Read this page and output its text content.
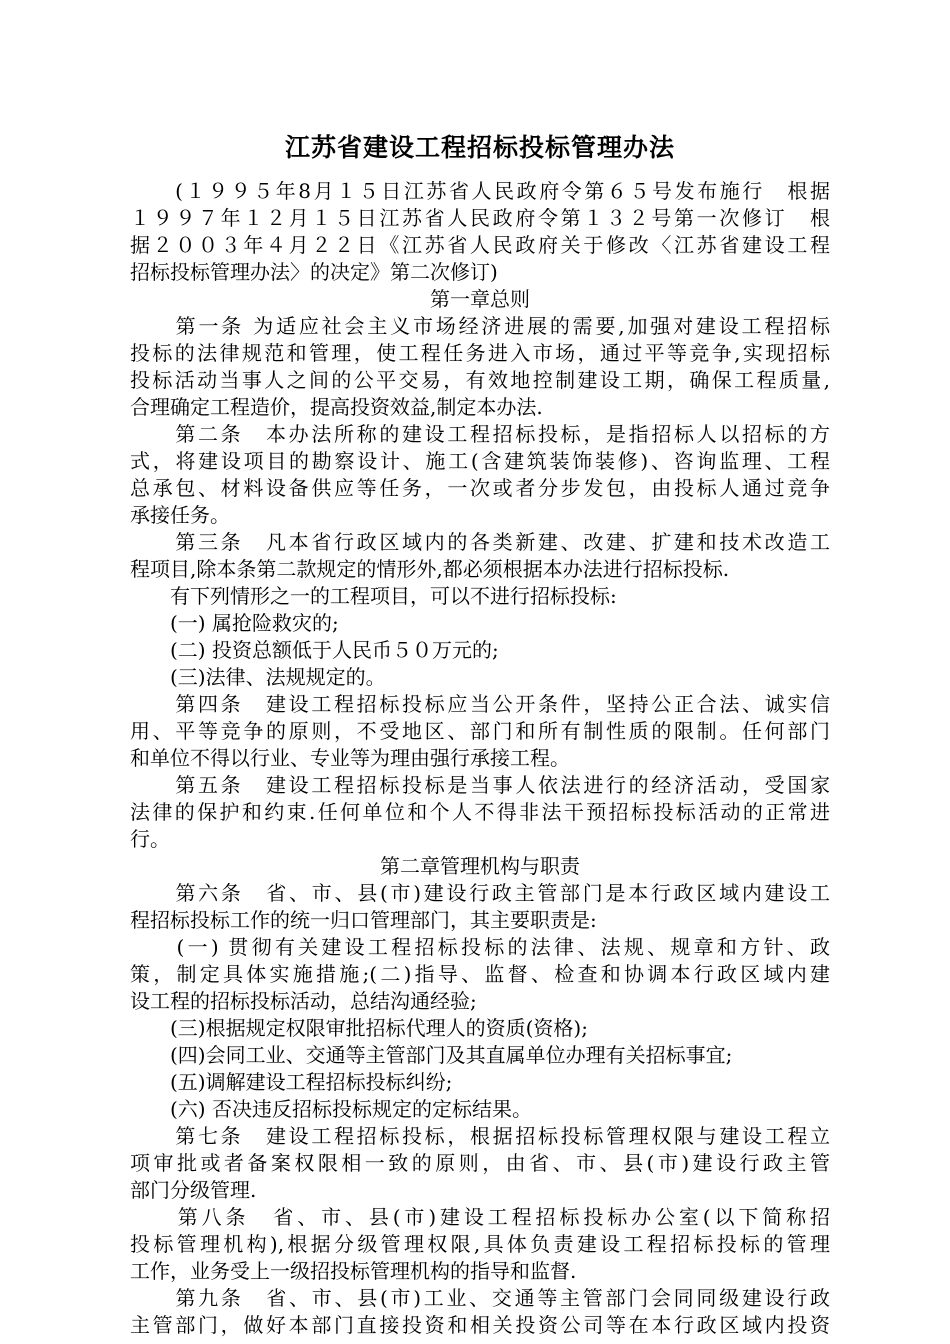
江苏省建设工程招标投标管理办法
　　(１９９５年8月１５日江苏省人民政府令第６５号发布施行　根据
１９９７年１２月１５日江苏省人民政府令第１３２号第一次修订　根
据２００３年４月２２日《江苏省人民政府关于修改〈江苏省建设工程
招标投标管理办法〉的决定》第二次修订)
第一章总则
　　第一条 为适应社会主义市场经济进展的需要,加强对建设工程招标
投标的法律规范和管理，使工程任务进入市场，通过平等竞争,实现招标
投标活动当事人之间的公平交易，有效地控制建设工期，确保工程质量,
合理确定工程造价，提高投资效益,制定本办法.
　　第二条　本办法所称的建设工程招标投标，是指招标人以招标的方
式，将建设项目的勘察设计、施工(含建筑装饰装修)、咨询监理、工程
总承包、材料设备供应等任务，一次或者分步发包，由投标人通过竞争
承接任务。
　　第三条　凡本省行政区域内的各类新建、改建、扩建和技术改造工
程项目,除本条第二款规定的情形外,都必须根据本办法进行招标投标.
　　有下列情形之一的工程项目，可以不进行招标投标:
　　(一) 属抢险救灾的;
　　(二) 投资总额低于人民币５０万元的;
　　(三)法律、法规规定的。
　　第四条　建设工程招标投标应当公开条件，坚持公正合法、诚实信
用、平等竞争的原则，不受地区、部门和所有制性质的限制。任何部门
和单位不得以行业、专业等为理由强行承接工程。
　　第五条　建设工程招标投标是当事人依法进行的经济活动，受国家
法律的保护和约束.任何单位和个人不得非法干预招标投标活动的正常进
行。
第二章管理机构与职责
　　第六条　省、市、县(市)建设行政主管部门是本行政区域内建设工
程招标投标工作的统一归口管理部门，其主要职责是:
　　(一) 贯彻有关建设工程招标投标的法律、法规、规章和方针、政
策，制定具体实施措施;(二)指导、监督、检查和协调本行政区域内建
设工程的招标投标活动，总结沟通经验;
　　(三)根据规定权限审批招标代理人的资质(资格);
　　(四)会同工业、交通等主管部门及其直属单位办理有关招标事宜;
　　(五)调解建设工程招标投标纠纷;
　　(六) 否决违反招标投标规定的定标结果。
　　第七条　建设工程招标投标，根据招标投标管理权限与建设工程立
项审批或者备案权限相一致的原则，由省、市、县(市)建设行政主管
部门分级管理.
　　第八条　省、市、县(市)建设工程招标投标办公室(以下简称招
投标管理机构),根据分级管理权限,具体负责建设工程招标投标的管理
工作，业务受上一级招投标管理机构的指导和监督.
　　第九条　省、市、县(市)工业、交通等主管部门会同同级建设行政
主管部门，做好本部门直接投资和相关投资公司等在本行政区域内投资
